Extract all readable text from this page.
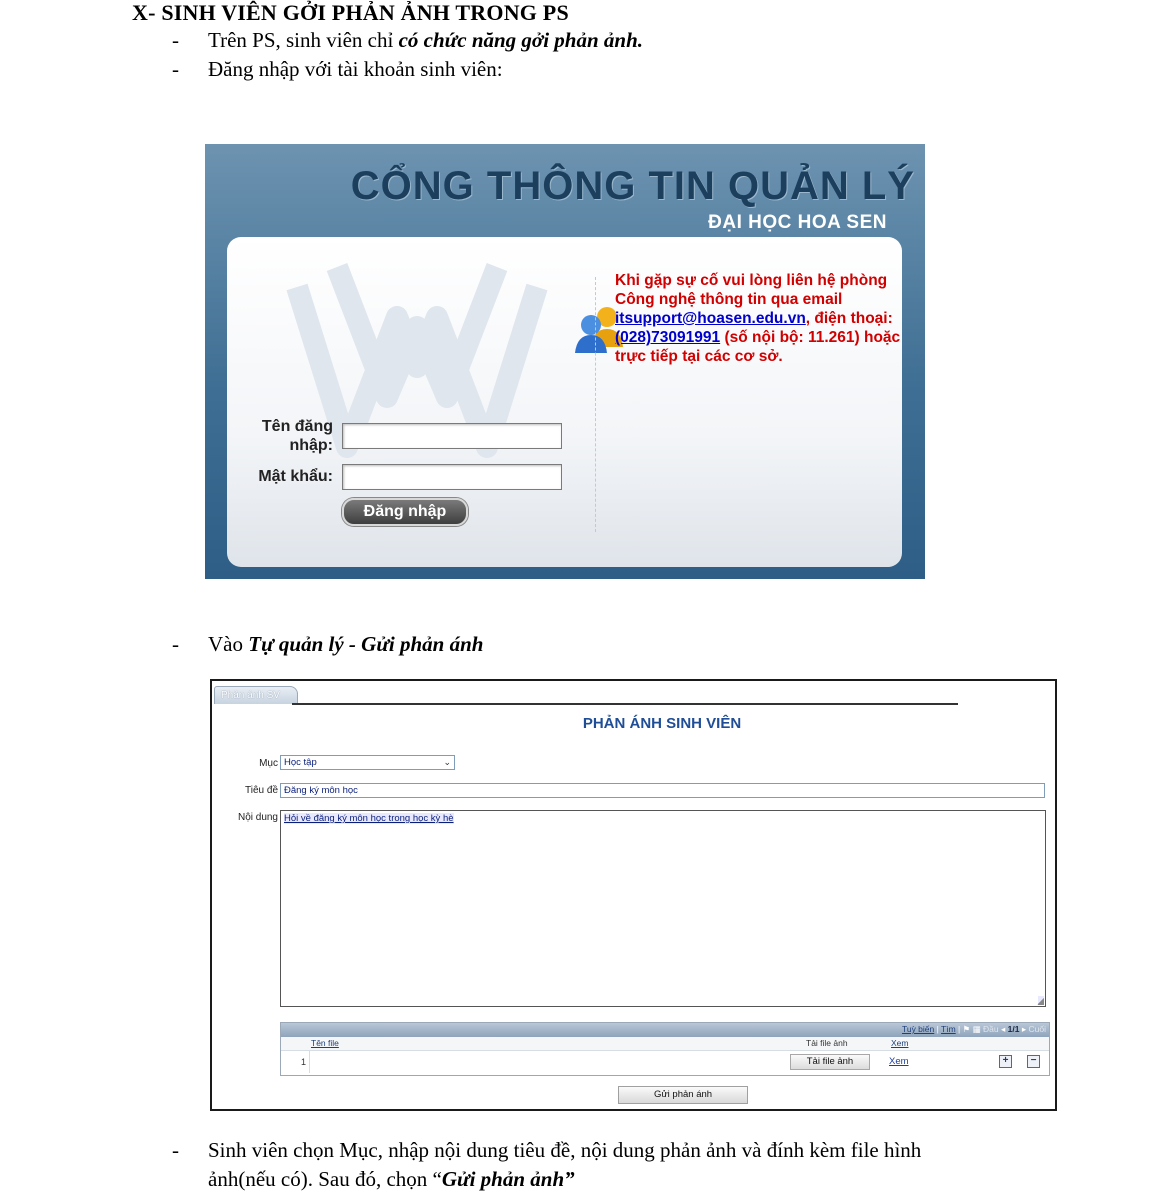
X- SINH VIÊN GỞI PHẢN ẢNH TRONG PS
- Trên PS, sinh viên chỉ có chức năng gởi phản ảnh.
- Đăng nhập với tài khoản sinh viên:
CỔNG THÔNG TIN QUẢN LÝ
ĐẠI HỌC HOA SEN
Khi gặp sự cố vui lòng liên hệ phòng Công nghệ thông tin qua email itsupport@hoasen.edu.vn, điện thoại: (028)73091991 (số nội bộ: 11.261) hoặc trực tiếp tại các cơ sở.
Tên đăng
nhập:
Mật khẩu:
Đăng nhập
- Vào Tự quản lý - Gửi phản ánh
Phản ánh SV
PHẢN ÁNH SINH VIÊN
Mục Học tập	⌄
Tiêu đề Đăng ký môn học
Nội dung Hỏi về đăng ký môn học trong học kỳ hè
◢
Tuỳ biến | Tìm | ⚑ ▦ Đầu ◂ 1/1 ▸ Cuối
Tên file	Tải file ảnh	Xem
1	Tải file ảnh	Xem	+	−
Gửi phản ánh
- Sinh viên chọn Mục, nhập nội dung tiêu đề, nội dung phản ảnh và đính kèm file hình
ảnh(nếu có). Sau đó, chọn “Gửi phản ảnh”
